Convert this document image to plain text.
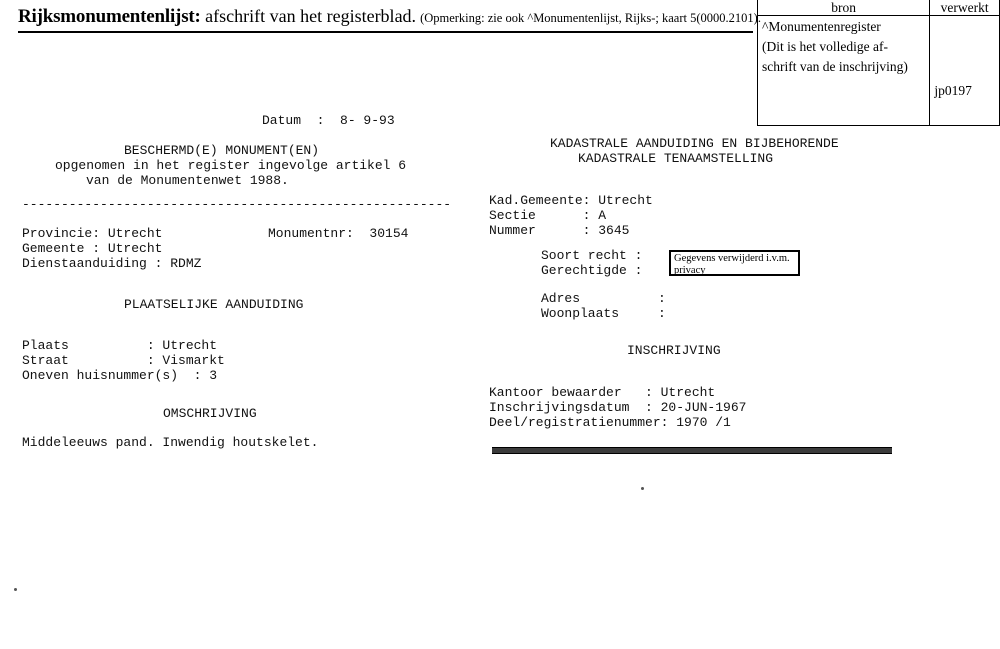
Rijksmonumentenlijst: afschrift van het registerblad. (Opmerking: zie ook ^Monumentenlijst, Rijks-; kaart 5(0000.2101).
bron	verwerkt

^Monumentenregister
(Dit is het volledige af-
schrift van de inschrijving)	jp0197
Datum  :  8- 9-93
BESCHERMD(E) MONUMENT(EN)
opgenomen in het register ingevolge artikel 6
van de Monumentenwet 1988.
-------------------------------------------------------
Provincie: Utrecht	Monumentnr:  30154
Gemeente : Utrecht
Dienstaanduiding : RDMZ
PLAATSELIJKE AANDUIDING
Plaats          : Utrecht
Straat          : Vismarkt
Oneven huisnummer(s)  : 3
OMSCHRIJVING
Middeleeuws pand. Inwendig houtskelet.
KADASTRALE AANDUIDING EN BIJBEHORENDE
KADASTRALE TENAAMSTELLING
Kad.Gemeente: Utrecht
Sectie      : A
Nummer      : 3645
Soort recht :
Gerechtigde :
Gegevens verwijderd i.v.m. privacy
Adres          :
Woonplaats     :
INSCHRIJVING
Kantoor bewaarder   : Utrecht
Inschrijvingsdatum  : 20-JUN-1967
Deel/registratienummer: 1970 /1
